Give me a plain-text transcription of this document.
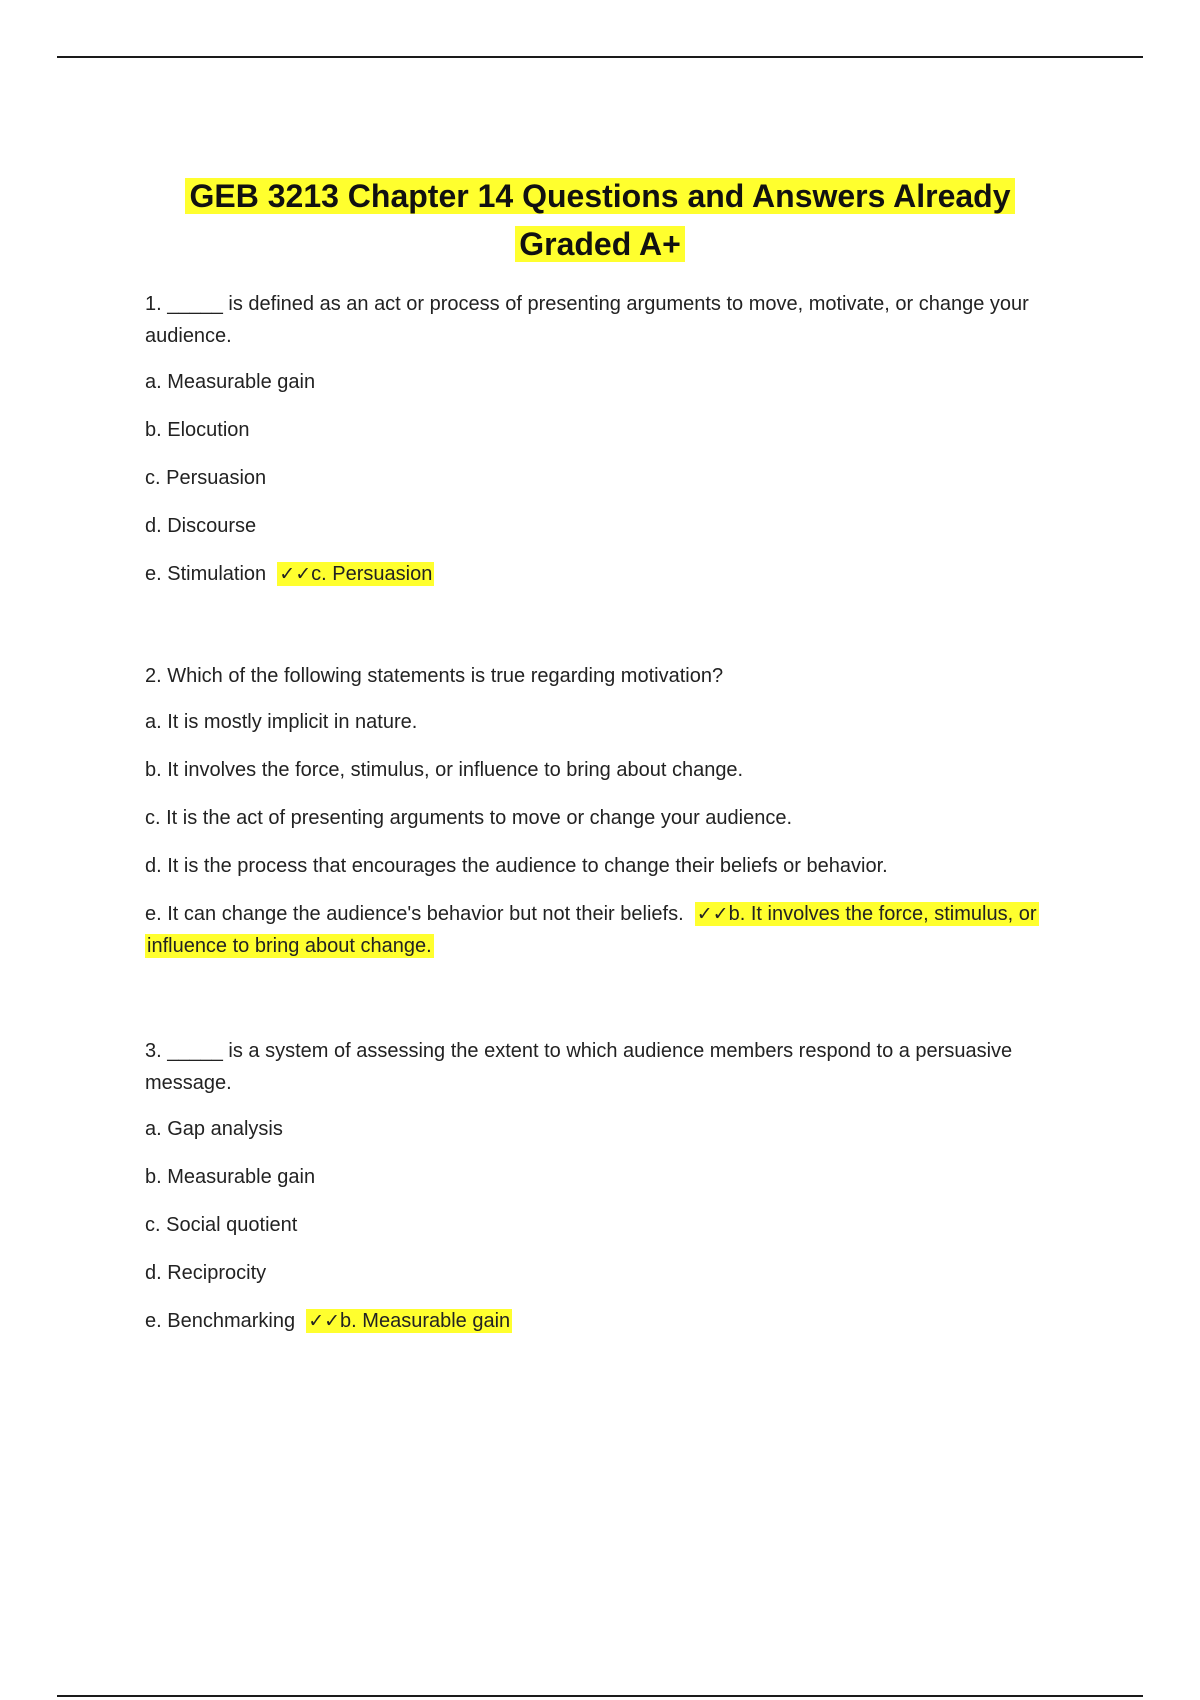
GEB 3213 Chapter 14 Questions and Answers Already
Graded A+

1. _____ is defined as an act or process of presenting arguments to move, motivate, or change your audience.

a. Measurable gain

b. Elocution

c. Persuasion

d. Discourse

e. Stimulation ✓✓c. Persuasion

2. Which of the following statements is true regarding motivation?

a. It is mostly implicit in nature.

b. It involves the force, stimulus, or influence to bring about change.

c. It is the act of presenting arguments to move or change your audience.

d. It is the process that encourages the audience to change their beliefs or behavior.

e. It can change the audience's behavior but not their beliefs. ✓✓b. It involves the force, stimulus, or influence to bring about change.

3. _____ is a system of assessing the extent to which audience members respond to a persuasive message.

a. Gap analysis

b. Measurable gain

c. Social quotient

d. Reciprocity

e. Benchmarking ✓✓b. Measurable gain
